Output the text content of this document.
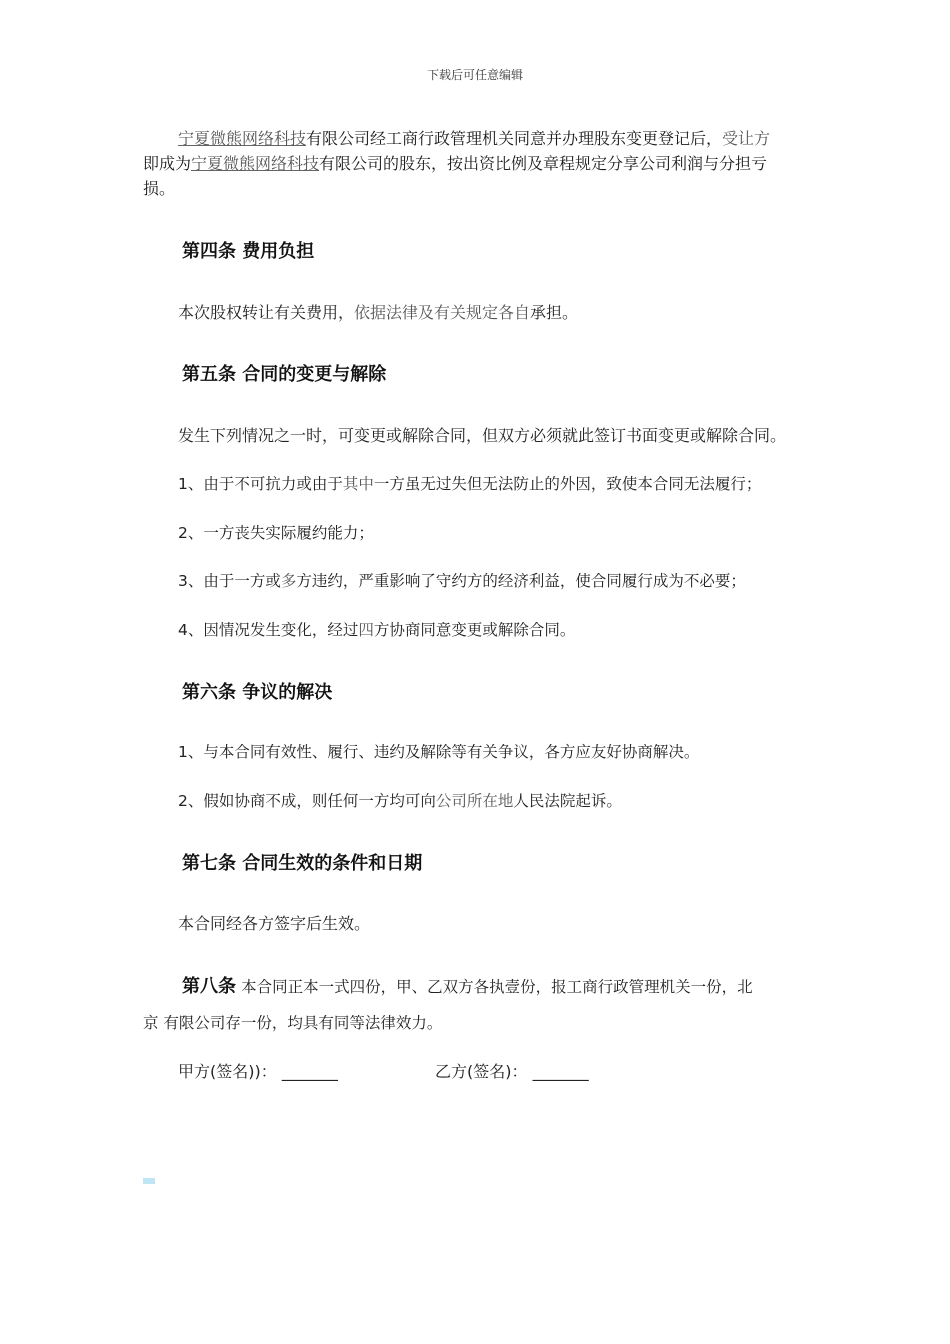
下载后可任意编辑
宁夏微熊网络科技有限公司经工商行政管理机关同意并办理股东变更登记后，受让方
即成为宁夏微熊网络科技有限公司的股东，按出资比例及章程规定分享公司利润与分担亏
损。
第四条 费用负担
本次股权转让有关费用，依据法律及有关规定各自承担。
第五条 合同的变更与解除
发生下列情况之一时，可变更或解除合同，但双方必须就此签订书面变更或解除合同。
1、由于不可抗力或由于其中一方虽无过失但无法防止的外因，致使本合同无法履行；
2、一方丧失实际履约能力；
3、由于一方或多方违约，严重影响了守约方的经济利益，使合同履行成为不必要；
4、因情况发生变化，经过四方协商同意变更或解除合同。
第六条 争议的解决
1、与本合同有效性、履行、违约及解除等有关争议，各方应友好协商解决。
2、假如协商不成，则任何一方均可向公司所在地人民法院起诉。
第七条 合同生效的条件和日期
本合同经各方签字后生效。
第八条 本合同正本一式四份，甲、乙双方各执壹份，报工商行政管理机关一份，北
京 有限公司存一份，均具有同等法律效力。
甲方(签名))： _______	乙方(签名)： _______
